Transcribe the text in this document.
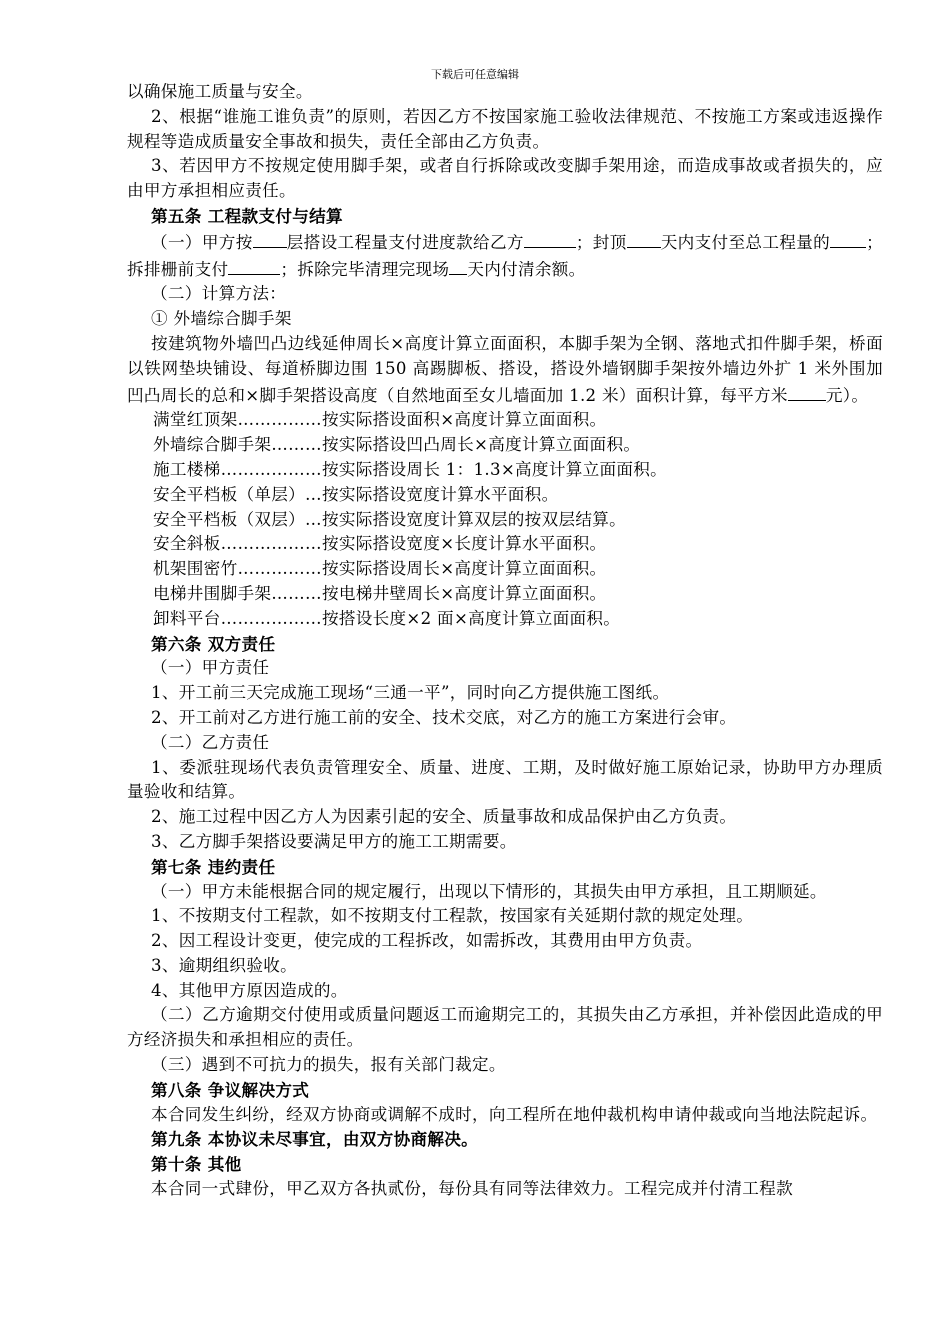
下载后可任意编辑

以确保施工质量与安全。

2、根据“谁施工谁负责”的原则，若因乙方不按国家施工验收法律规范、不按施工方案或违返操作规程等造成质量安全事故和损失，责任全部由乙方负责。

3、若因甲方不按规定使用脚手架，或者自行拆除或改变脚手架用途，而造成事故或者损失的，应由甲方承担相应责任。

第五条 工程款支付与结算

（一）甲方按 层搭设工程量支付进度款给乙方	；封顶 天内支付至总工程量的 ；拆排栅前支付	；拆除完毕清理完现场 天内付清余额。

（二）计算方法：

① 外墙综合脚手架

按建筑物外墙凹凸边线延伸周长×高度计算立面面积，本脚手架为全钢、落地式扣件脚手架，桥面以铁网垫块铺设、每道桥脚边围 150 高踢脚板、搭设，搭设外墙钢脚手架按外墙边外扩 1 米外围加凹凸周长的总和×脚手架搭设高度（自然地面至女儿墙面加 1.2 米）面积计算，每平方米 元）。

满堂红顶架……………按实际搭设面积×高度计算立面面积。

外墙综合脚手架………按实际搭设凹凸周长×高度计算立面面积。

施工楼梯………………按实际搭设周长 1：1.3×高度计算立面面积。

安全平档板（单层）…按实际搭设宽度计算水平面积。

安全平档板（双层）…按实际搭设宽度计算双层的按双层结算。

安全斜板………………按实际搭设宽度×长度计算水平面积。

机架围密竹……………按实际搭设周长×高度计算立面面积。

电梯井围脚手架………按电梯井壁周长×高度计算立面面积。

卸料平台………………按搭设长度×2 面×高度计算立面面积。

第六条 双方责任

（一）甲方责任

1、开工前三天完成施工现场“三通一平”，同时向乙方提供施工图纸。

2、开工前对乙方进行施工前的安全、技术交底，对乙方的施工方案进行会审。

（二）乙方责任

1、委派驻现场代表负责管理安全、质量、进度、工期，及时做好施工原始记录，协助甲方办理质量验收和结算。

2、施工过程中因乙方人为因素引起的安全、质量事故和成品保护由乙方负责。

3、乙方脚手架搭设要满足甲方的施工工期需要。

第七条 违约责任

（一）甲方未能根据合同的规定履行，出现以下情形的，其损失由甲方承担，且工期顺延。

1、不按期支付工程款，如不按期支付工程款，按国家有关延期付款的规定处理。

2、因工程设计变更，使完成的工程拆改，如需拆改，其费用由甲方负责。

3、逾期组织验收。

4、其他甲方原因造成的。

（二）乙方逾期交付使用或质量问题返工而逾期完工的，其损失由乙方承担，并补偿因此造成的甲方经济损失和承担相应的责任。

（三）遇到不可抗力的损失，报有关部门裁定。

第八条 争议解决方式

本合同发生纠纷，经双方协商或调解不成时，向工程所在地仲裁机构申请仲裁或向当地法院起诉。

第九条 本协议未尽事宜，由双方协商解决。

第十条 其他

本合同一式肆份，甲乙双方各执贰份，每份具有同等法律效力。工程完成并付清工程款
